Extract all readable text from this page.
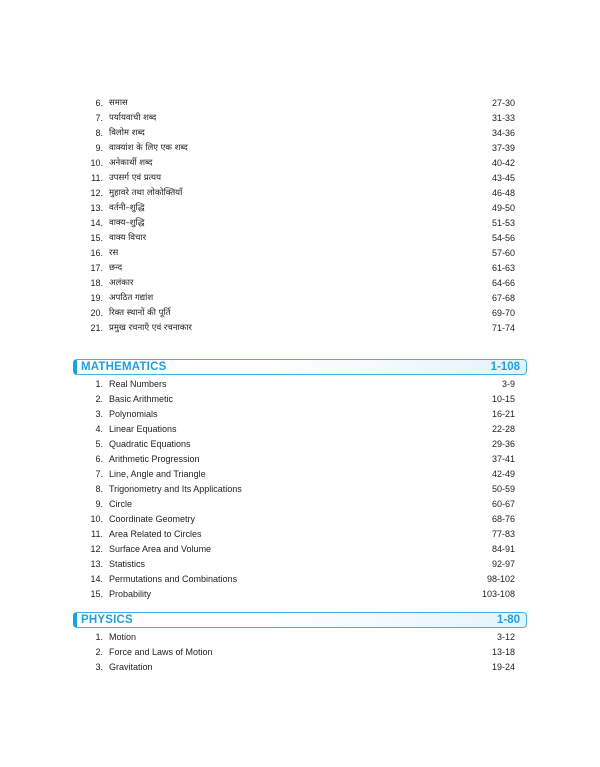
6. समास	27-30
7. पर्यायवाची शब्द	31-33
8. विलोम शब्द	34-36
9. वाक्यांश के लिए एक शब्द	37-39
10. अनेकार्थी शब्द	40-42
11. उपसर्ग एवं प्रत्यय	43-45
12. मुहावरे तथा लोकोक्तियाँ	46-48
13. वर्तनी–शुद्धि	49-50
14. वाक्य–शुद्धि	51-53
15. वाक्य विचार	54-56
16. रस	57-60
17. छन्द	61-63
18. अलंकार	64-66
19. अपठित गद्यांश	67-68
20. रिक्त स्थानों की पूर्ति	69-70
21. प्रमुख रचनाएँ एवं रचनाकार	71-74
MATHEMATICS	1-108
1. Real Numbers	3-9
2. Basic Arithmetic	10-15
3. Polynomials	16-21
4. Linear Equations	22-28
5. Quadratic Equations	29-36
6. Arithmetic Progression	37-41
7. Line, Angle and Triangle	42-49
8. Trigonometry and Its Applications	50-59
9. Circle	60-67
10. Coordinate Geometry	68-76
11. Area Related to Circles	77-83
12. Surface Area and Volume	84-91
13. Statistics	92-97
14. Permutations and Combinations	98-102
15. Probability	103-108
PHYSICS	1-80
1. Motion	3-12
2. Force and Laws of Motion	13-18
3. Gravitation	19-24
